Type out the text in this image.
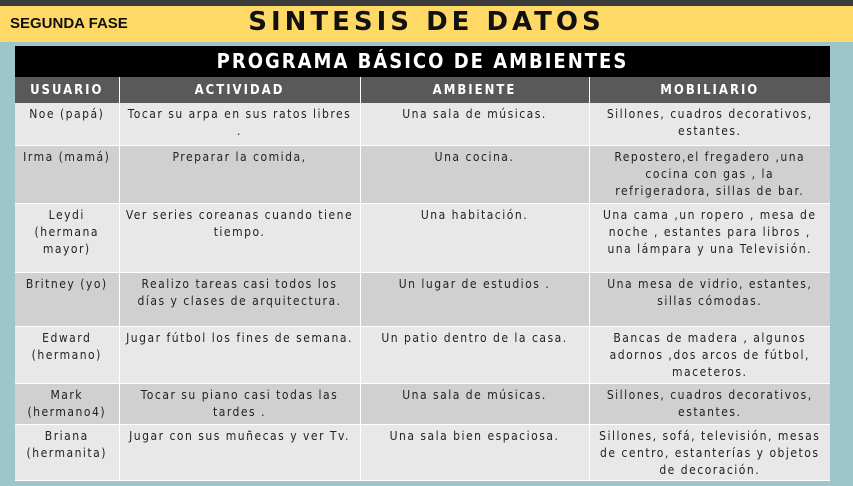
SEGUNDA FASE	SINTESIS DE DATOS
PROGRAMA BÁSICO DE AMBIENTES
USUARIO	ACTIVIDAD	AMBIENTE	MOBILIARIO
Noe (papá)	Tocar su arpa en sus ratos libres .	Una sala de músicas.	Sillones, cuadros decorativos, estantes.
Irma (mamá)	Preparar la comida,	Una cocina.	Repostero,el fregadero ,una cocina con gas , la refrigeradora, sillas de bar.
Leydi (hermana mayor)	Ver series coreanas cuando tiene tiempo.	Una habitación.	Una cama ,un ropero , mesa de noche , estantes para libros , una lámpara y una Televisión.
Britney (yo)	Realizo tareas casi todos los días y clases de arquitectura.	Un lugar de estudios .	Una mesa de vidrio, estantes, sillas cómodas.
Edward (hermano)	Jugar fútbol los fines de semana.	Un patio dentro de la casa.	Bancas de madera , algunos adornos ,dos arcos de fútbol, maceteros.
Mark (hermano4)	Tocar su piano casi todas las tardes .	Una sala de músicas.	Sillones, cuadros decorativos, estantes.
Briana (hermanita)	Jugar con sus muñecas y ver Tv.	Una sala bien espaciosa.	Sillones, sofá, televisión, mesas de centro, estanterías y objetos de decoración.
